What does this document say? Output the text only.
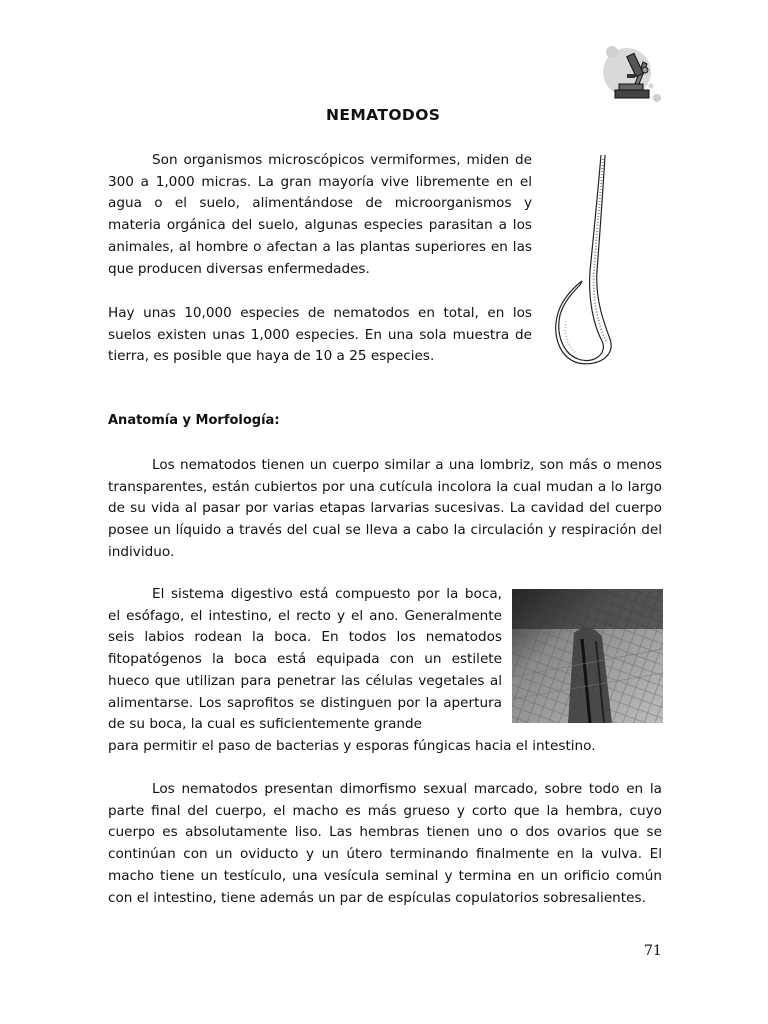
NEMATODOS

Son organismos microscópicos vermiformes, miden de 300 a 1,000 micras. La gran mayoría vive libremente en el agua o el suelo, alimentándose de microorganismos y materia orgánica del suelo, algunas especies parasitan a los animales, al hombre o afectan a las plantas superiores en las que producen diversas enfermedades.

Hay unas 10,000 especies de nematodos en total, en los suelos existen unas 1,000 especies. En una sola muestra de tierra, es posible que haya de 10 a 25 especies.

Anatomía y Morfología:

Los nematodos tienen un cuerpo similar a una lombriz, son más o menos transparentes, están cubiertos por una cutícula incolora la cual mudan a lo largo de su vida al pasar por varias etapas larvarias sucesivas. La cavidad del cuerpo posee un líquido a través del cual se lleva a cabo la circulación y respiración del individuo.

El sistema digestivo está compuesto por la boca, el esófago, el intestino, el recto y el ano. Generalmente seis labios rodean la boca. En todos los nematodos fitopatógenos la boca está equipada con un estilete hueco que utilizan para penetrar las células vegetales al alimentarse. Los saprofitos se distinguen por la apertura de su boca, la cual es suficientemente grande

para permitir el paso de bacterias y esporas fúngicas hacia el intestino.

Los nematodos presentan dimorfismo sexual marcado, sobre todo en la parte final del cuerpo, el macho es más grueso y corto que la hembra, cuyo cuerpo es absolutamente liso. Las hembras tienen uno o dos ovarios que se continúan con un oviducto y un útero terminando finalmente en la vulva. El macho tiene un testículo, una vesícula seminal y termina en un orificio común con el intestino, tiene además un par de espículas copulatorios sobresalientes.

71
